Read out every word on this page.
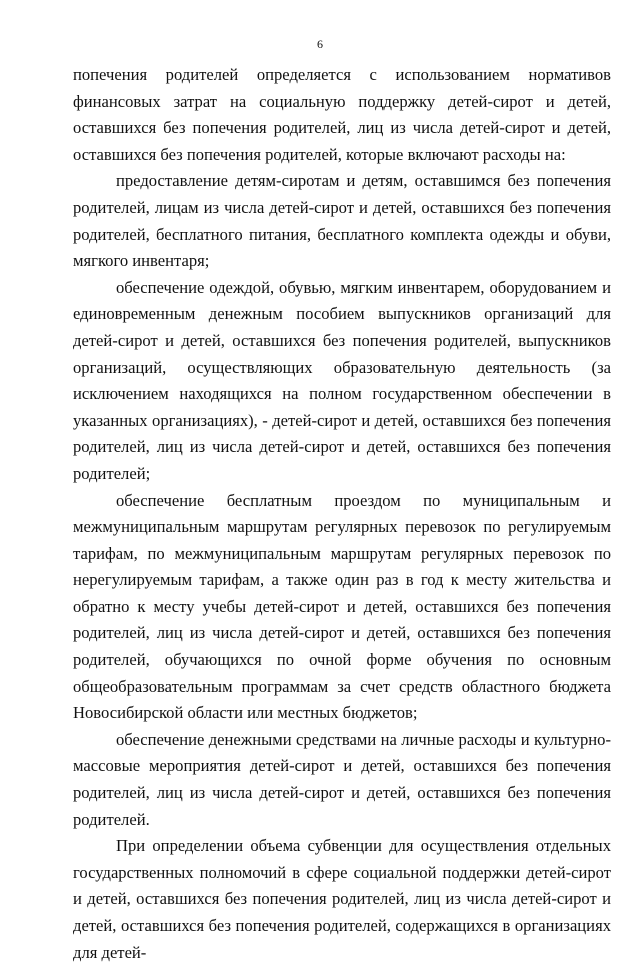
6

попечения родителей определяется с использованием нормативов финансовых затрат на социальную поддержку детей-сирот и детей, оставшихся без попечения родителей, лиц из числа детей-сирот и детей, оставшихся без попечения родителей, которые включают расходы на:

предоставление детям-сиротам и детям, оставшимся без попечения родителей, лицам из числа детей-сирот и детей, оставшихся без попечения родителей, бесплатного питания, бесплатного комплекта одежды и обуви, мягкого инвентаря;

обеспечение одеждой, обувью, мягким инвентарем, оборудованием и единовременным денежным пособием выпускников организаций для детей-сирот и детей, оставшихся без попечения родителей, выпускников организаций, осуществляющих образовательную деятельность (за исключением находящихся на полном государственном обеспечении в указанных организациях), - детей-сирот и детей, оставшихся без попечения родителей, лиц из числа детей-сирот и детей, оставшихся без попечения родителей;

обеспечение бесплатным проездом по муниципальным и межмуниципальным маршрутам регулярных перевозок по регулируемым тарифам, по межмуниципальным маршрутам регулярных перевозок по нерегулируемым тарифам, а также один раз в год к месту жительства и обратно к месту учебы детей-сирот и детей, оставшихся без попечения родителей, лиц из числа детей-сирот и детей, оставшихся без попечения родителей, обучающихся по очной форме обучения по основным общеобразовательным программам за счет средств областного бюджета Новосибирской области или местных бюджетов;

обеспечение денежными средствами на личные расходы и культурно-массовые мероприятия детей-сирот и детей, оставшихся без попечения родителей, лиц из числа детей-сирот и детей, оставшихся без попечения родителей.

При определении объема субвенции для осуществления отдельных государственных полномочий в сфере социальной поддержки детей-сирот и детей, оставшихся без попечения родителей, лиц из числа детей-сирот и детей, оставшихся без попечения родителей, содержащихся в организациях для детей-
